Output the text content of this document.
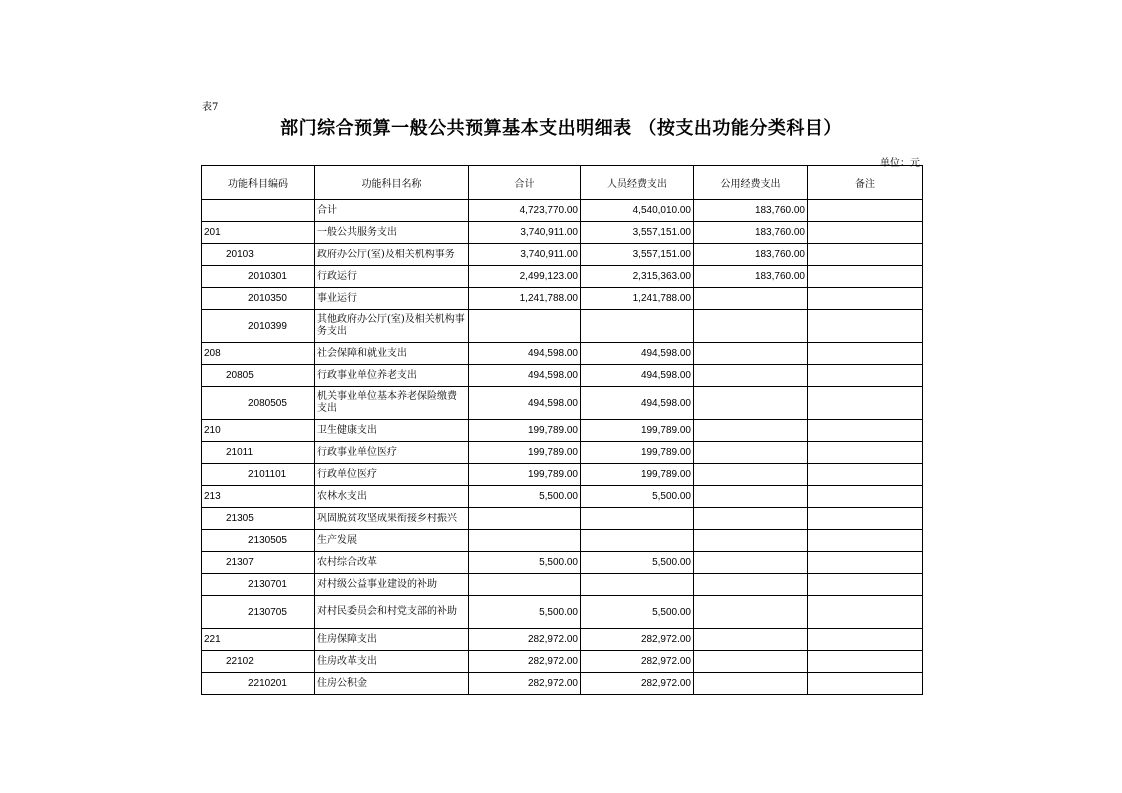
表7
部门综合预算一般公共预算基本支出明细表 （按支出功能分类科目）
单位：元
功能科目编码	功能科目名称	合计	人员经费支出	公用经费支出	备注
	合计	4,723,770.00	4,540,010.00	183,760.00	
201	一般公共服务支出	3,740,911.00	3,557,151.00	183,760.00	
20103	政府办公厅(室)及相关机构事务	3,740,911.00	3,557,151.00	183,760.00	
2010301	行政运行	2,499,123.00	2,315,363.00	183,760.00	
2010350	事业运行	1,241,788.00	1,241,788.00		
2010399	其他政府办公厅(室)及相关机构事务支出				
208	社会保障和就业支出	494,598.00	494,598.00		
20805	行政事业单位养老支出	494,598.00	494,598.00		
2080505	机关事业单位基本养老保险缴费支出	494,598.00	494,598.00		
210	卫生健康支出	199,789.00	199,789.00		
21011	行政事业单位医疗	199,789.00	199,789.00		
2101101	行政单位医疗	199,789.00	199,789.00		
213	农林水支出	5,500.00	5,500.00		
21305	巩固脱贫攻坚成果衔接乡村振兴				

2130505	生产发展				
21307	农村综合改革	5,500.00	5,500.00		
2130701	对村级公益事业建设的补助				
2130705	对村民委员会和村党支部的补助	5,500.00	5,500.00		
221	住房保障支出	282,972.00	282,972.00		
22102	住房改革支出	282,972.00	282,972.00		
2210201	住房公积金	282,972.00	282,972.00		
